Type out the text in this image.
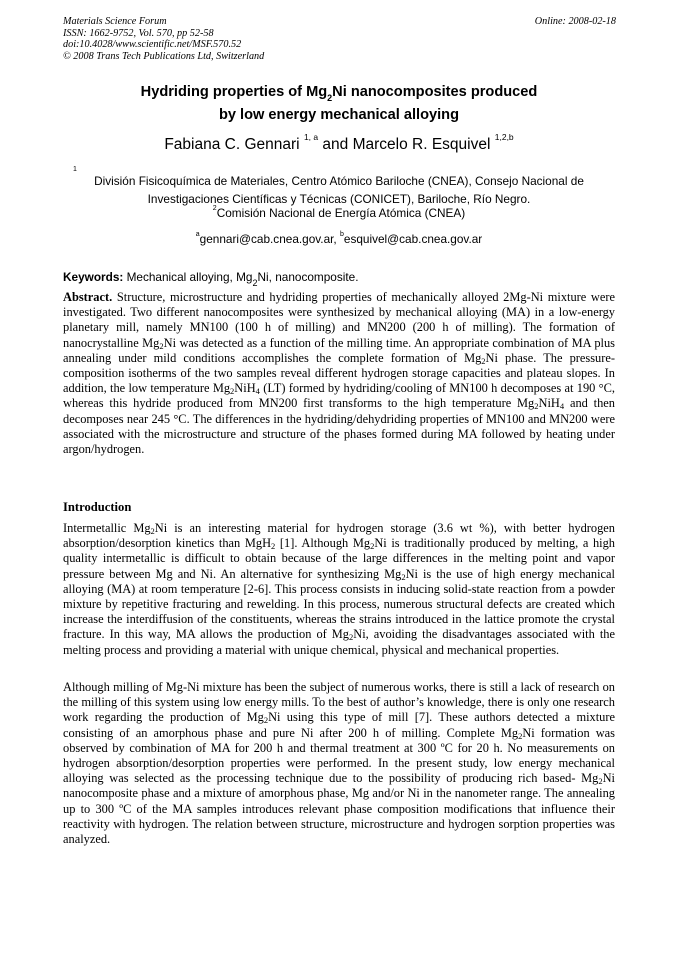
Materials Science Forum
ISSN: 1662-9752, Vol. 570, pp 52-58
doi:10.4028/www.scientific.net/MSF.570.52
© 2008 Trans Tech Publications Ltd, Switzerland
Online: 2008-02-18
Hydriding properties of $Mg_2Ni$ nanocomposites produced
by low energy mechanical alloying
Fabiana C. Gennari $^{1, a}$ and Marcelo R. Esquivel $^{1,2,b}$
1
División Fisicoquímica de Materiales, Centro Atómico Bariloche (CNEA), Consejo Nacional de
Investigaciones Científicas y Técnicas (CONICET), Bariloche, Río Negro.
$^2$Comisión Nacional de Energía Atómica (CNEA)
$^a$gennari@cab.cnea.gov.ar, $^b$esquivel@cab.cnea.gov.ar
Keywords: Mechanical alloying, $Mg_2Ni$, nanocomposite.
Abstract. Structure, microstructure and hydriding properties of mechanically alloyed 2Mg-Ni mixture were investigated. Two different nanocomposites were synthesized by mechanical alloying (MA) in a low-energy planetary mill, namely MN100 (100 h of milling) and MN200 (200 h of milling). The formation of nanocrystalline $Mg_2Ni$ was detected as a function of the milling time. An appropriate combination of MA plus annealing under mild conditions accomplishes the complete formation of $Mg_2Ni$ phase. The pressure-composition isotherms of the two samples reveal different hydrogen storage capacities and plateau slopes. In addition, the low temperature $Mg_2NiH_4$ (LT) formed by hydriding/cooling of MN100 h decomposes at 190 °C, whereas this hydride produced from MN200 first transforms to the high temperature $Mg_2NiH_4$ and then decomposes near 245 °C. The differences in the hydriding/dehydriding properties of MN100 and MN200 were associated with the microstructure and structure of the phases formed during MA followed by heating under argon/hydrogen.
Introduction
Intermetallic $Mg_2Ni$ is an interesting material for hydrogen storage (3.6 wt %), with better hydrogen absorption/desorption kinetics than MgH$_2$ [1]. Although $Mg_2Ni$ is traditionally produced by melting, a high quality intermetallic is difficult to obtain because of the large differences in the melting point and vapor pressure between Mg and Ni. An alternative for synthesizing $Mg_2Ni$ is the use of high energy mechanical alloying (MA) at room temperature [2-6]. This process consists in inducing solid-state reaction from a powder mixture by repetitive fracturing and rewelding. In this process, numerous structural defects are created which increase the interdiffusion of the constituents, whereas the strains introduced in the lattice promote the crystal fracture. In this way, MA allows the production of $Mg_2Ni$, avoiding the disadvantages associated with the melting process and providing a material with unique chemical, physical and mechanical properties.
Although milling of Mg-Ni mixture has been the subject of numerous works, there is still a lack of research on the milling of this system using low energy mills. To the best of author’s knowledge, there is only one research work regarding the production of $Mg_2Ni$ using this type of mill [7]. These authors detected a mixture consisting of an amorphous phase and pure Ni after 200 h of milling. Complete $Mg_2Ni$ formation was observed by combination of MA for 200 h and thermal treatment at 300 ºC for 20 h. No measurements on hydrogen absorption/desorption properties were performed. In the present study, low energy mechanical alloying was selected as the processing technique due to the possibility of producing rich based- $Mg_2Ni$ nanocomposite phase and a mixture of amorphous phase, Mg and/or Ni in the nanometer range. The annealing up to 300 ºC of the MA samples introduces relevant phase composition modifications that influence their reactivity with hydrogen. The relation between structure, microstructure and hydrogen sorption properties was analyzed.
